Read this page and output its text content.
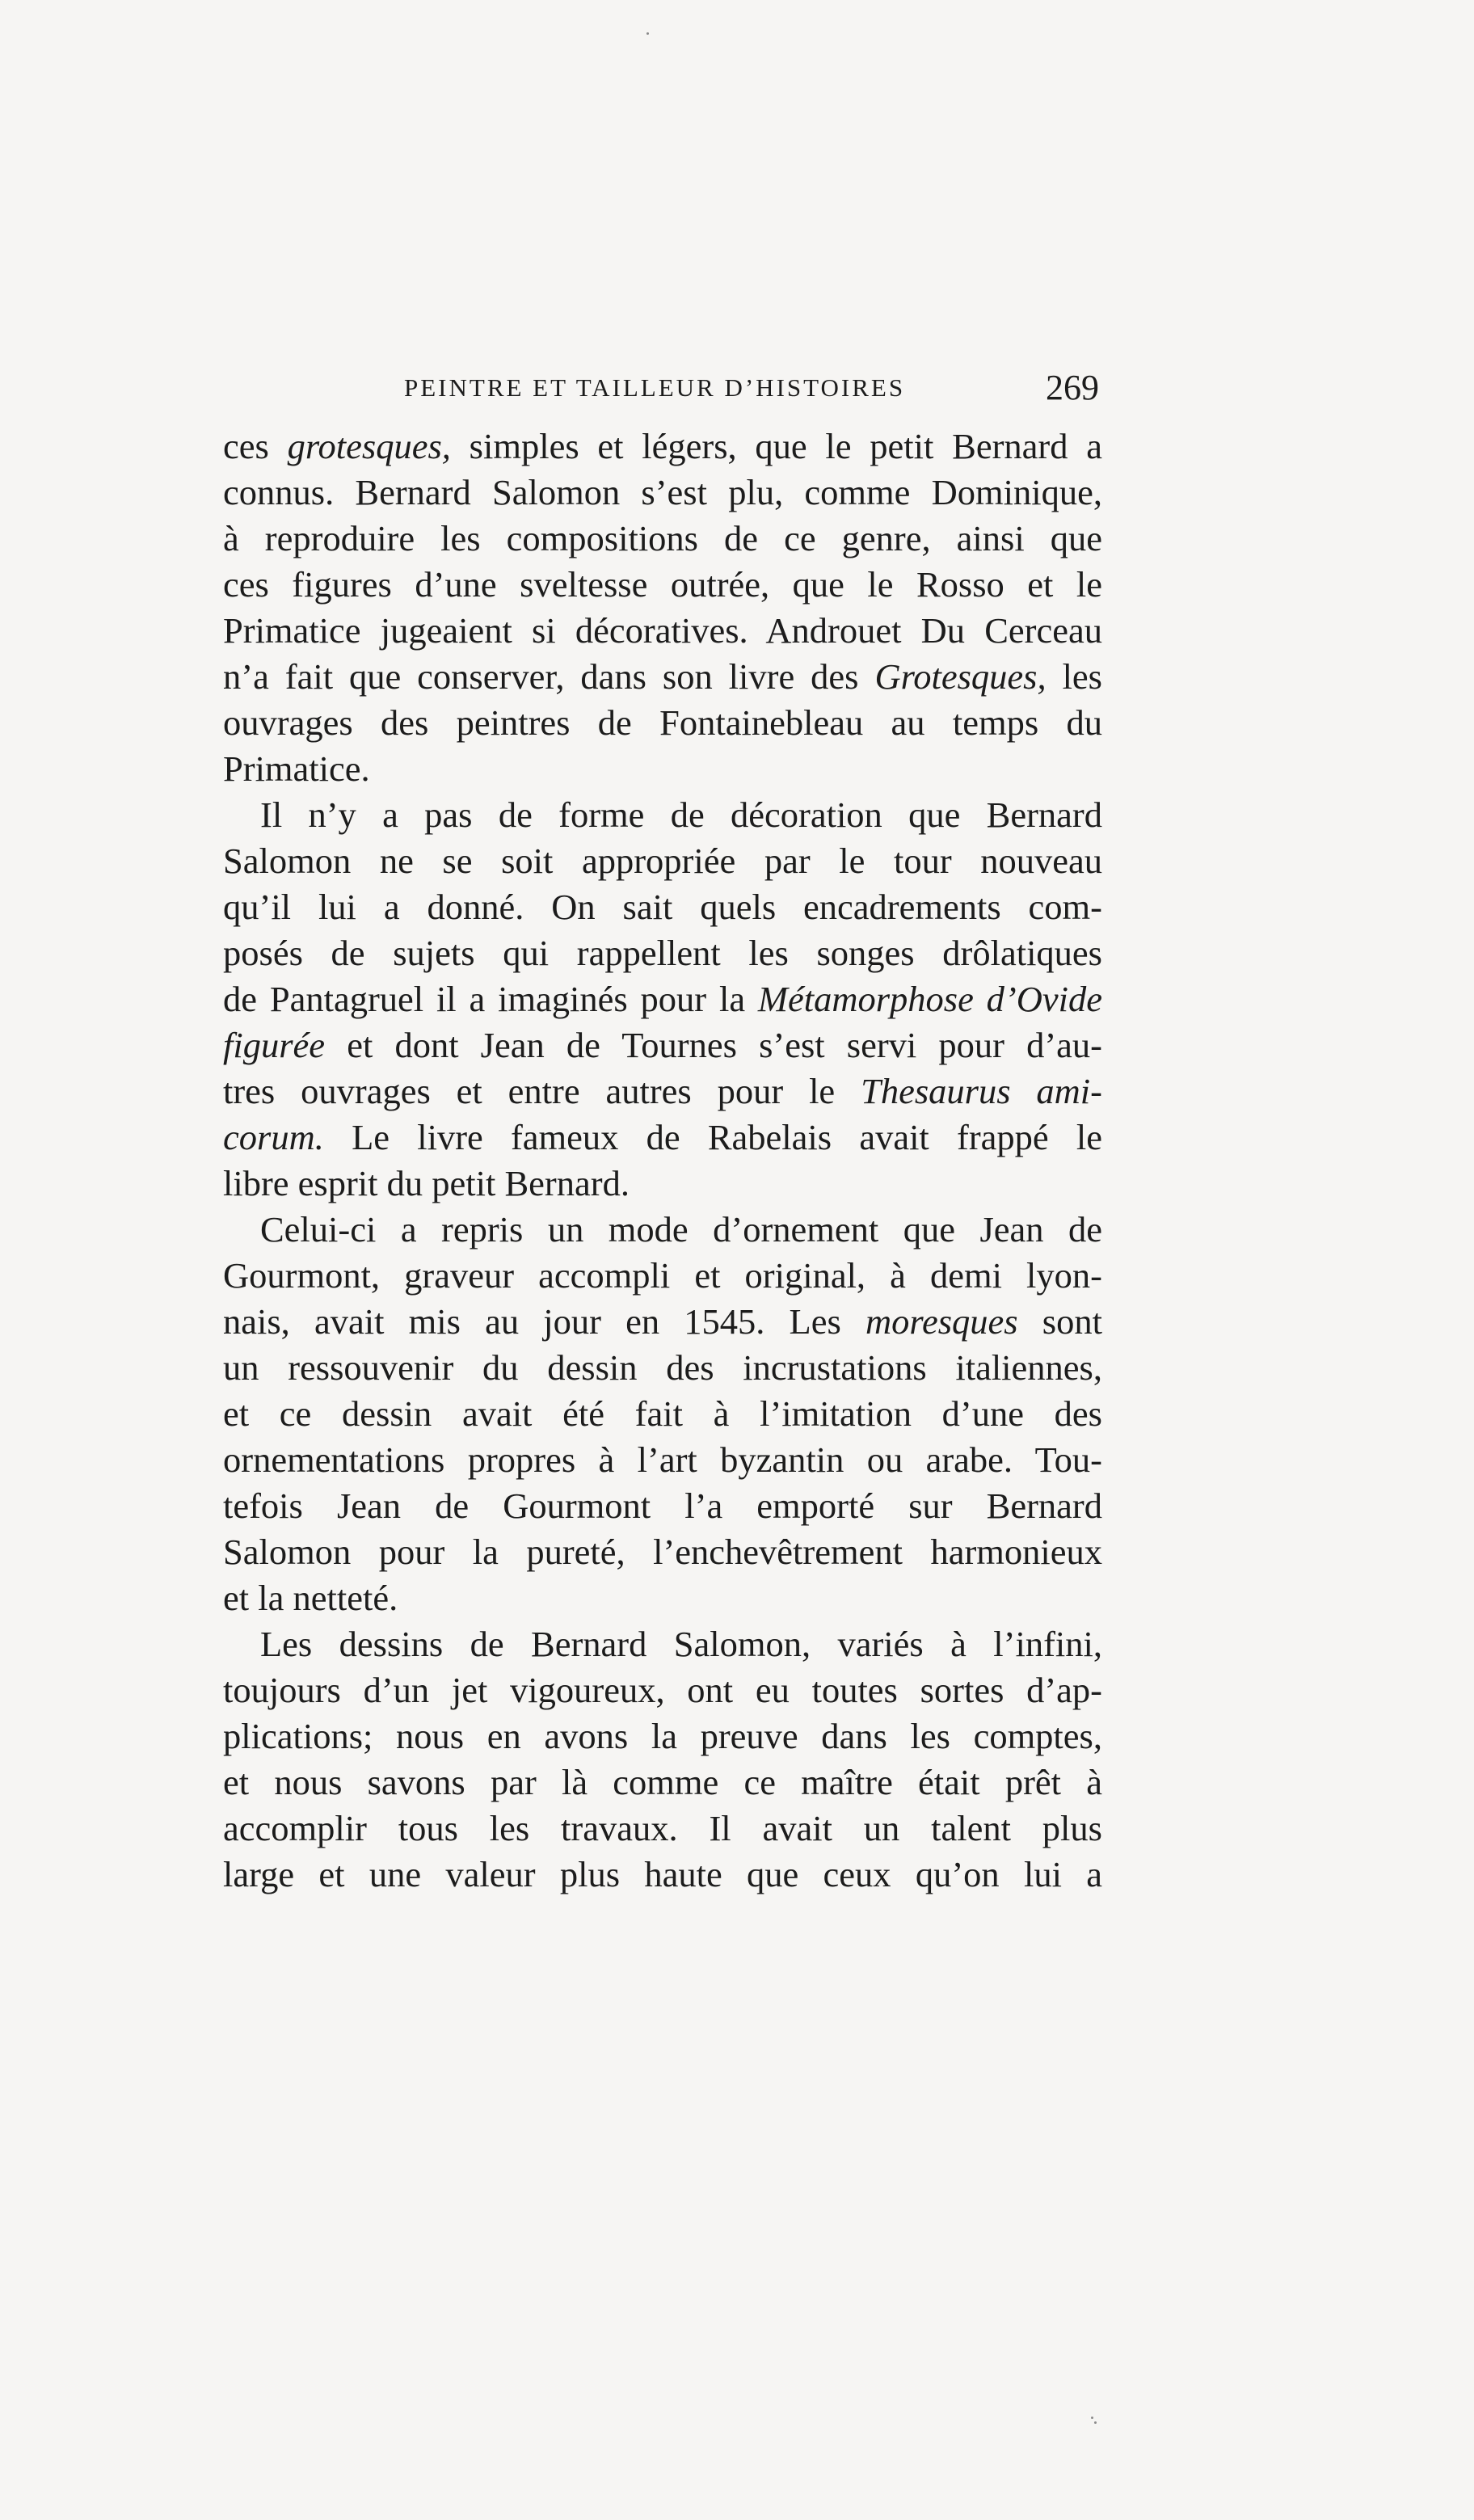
PEINTRE ET TAILLEUR D’HISTOIRES	269
ces grotesques, simples et légers, que le petit Bernard a
connus. Bernard Salomon s’est plu, comme Dominique,
à reproduire les compositions de ce genre, ainsi que
ces figures d’une sveltesse outrée, que le Rosso et le
Primatice jugeaient si décoratives. Androuet Du Cerceau
n’a fait que conserver, dans son livre des Grotesques, les
ouvrages des peintres de Fontainebleau au temps du
Primatice.
Il n’y a pas de forme de décoration que Bernard
Salomon ne se soit appropriée par le tour nouveau
qu’il lui a donné. On sait quels encadrements com-
posés de sujets qui rappellent les songes drôlatiques
de Pantagruel il a imaginés pour la Métamorphose d’Ovide
figurée et dont Jean de Tournes s’est servi pour d’au-
tres ouvrages et entre autres pour le Thesaurus ami-
corum. Le livre fameux de Rabelais avait frappé le
libre esprit du petit Bernard.
Celui-ci a repris un mode d’ornement que Jean de
Gourmont, graveur accompli et original, à demi lyon-
nais, avait mis au jour en 1545. Les moresques sont
un ressouvenir du dessin des incrustations italiennes,
et ce dessin avait été fait à l’imitation d’une des
ornementations propres à l’art byzantin ou arabe. Tou-
tefois Jean de Gourmont l’a emporté sur Bernard
Salomon pour la pureté, l’enchevêtrement harmonieux
et la netteté.
Les dessins de Bernard Salomon, variés à l’infini,
toujours d’un jet vigoureux, ont eu toutes sortes d’ap-
plications; nous en avons la preuve dans les comptes,
et nous savons par là comme ce maître était prêt à
accomplir tous les travaux. Il avait un talent plus
large et une valeur plus haute que ceux qu’on lui a
